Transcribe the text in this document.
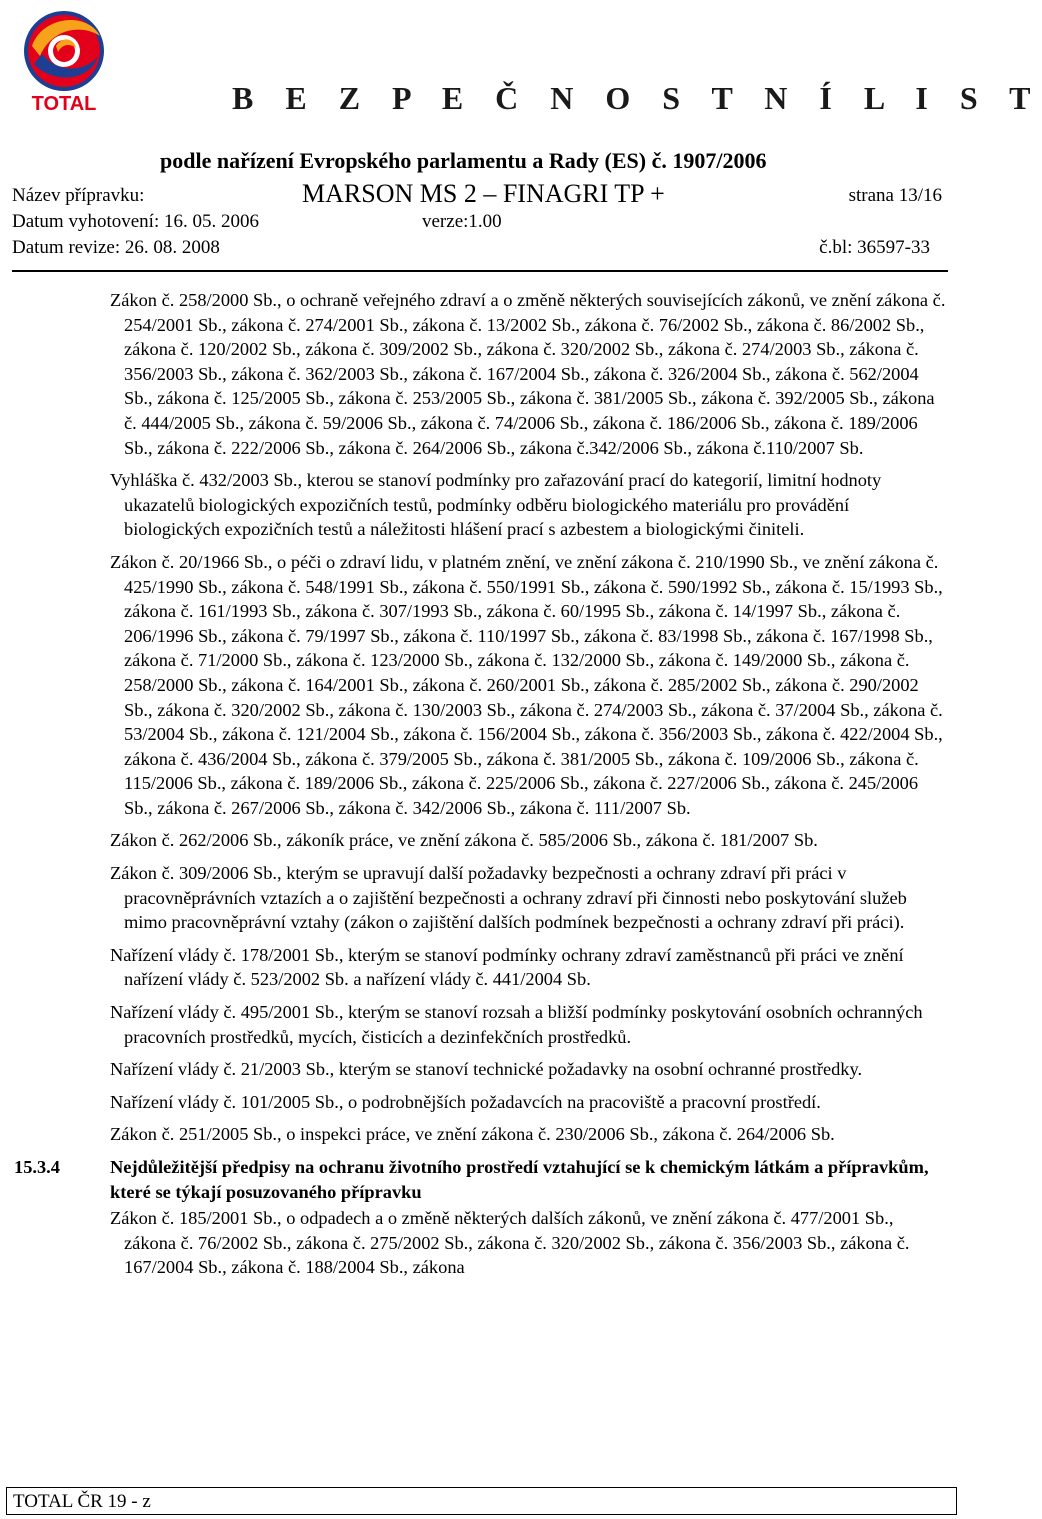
TOTAL	B E Z P E Č N O S T N Í L I S T
podle nařízení Evropského parlamentu a Rady (ES) č. 1907/2006
Název přípravku:	MARSON MS 2 – FINAGRI TP +	strana 13/16
Datum vyhotovení: 16. 05. 2006	verze:1.00
Datum revize: 26. 08. 2008	č.bl: 36597-33

Zákon č. 258/2000 Sb., o ochraně veřejného zdraví a o změně některých souvisejících zákonů, ve znění zákona č. 254/2001 Sb., zákona č. 274/2001 Sb., zákona č. 13/2002 Sb., zákona č. 76/2002 Sb., zákona č. 86/2002 Sb., zákona č. 120/2002 Sb., zákona č. 309/2002 Sb., zákona č. 320/2002 Sb., zákona č. 274/2003 Sb., zákona č. 356/2003 Sb., zákona č. 362/2003 Sb., zákona č. 167/2004 Sb., zákona č. 326/2004 Sb., zákona č. 562/2004 Sb., zákona č. 125/2005 Sb., zákona č. 253/2005 Sb., zákona č. 381/2005 Sb., zákona č. 392/2005 Sb., zákona č. 444/2005 Sb., zákona č. 59/2006 Sb., zákona č. 74/2006 Sb., zákona č. 186/2006 Sb., zákona č. 189/2006 Sb., zákona č. 222/2006 Sb., zákona č. 264/2006 Sb., zákona č.342/2006 Sb., zákona č.110/2007 Sb.

Vyhláška č. 432/2003 Sb., kterou se stanoví podmínky pro zařazování prací do kategorií, limitní hodnoty ukazatelů biologických expozičních testů, podmínky odběru biologického materiálu pro provádění biologických expozičních testů a náležitosti hlášení prací s azbestem a biologickými činiteli.

Zákon č. 20/1966 Sb., o péči o zdraví lidu, v platném znění, ve znění zákona č. 210/1990 Sb., ve znění zákona č. 425/1990 Sb., zákona č. 548/1991 Sb., zákona č. 550/1991 Sb., zákona č. 590/1992 Sb., zákona č. 15/1993 Sb., zákona č. 161/1993 Sb., zákona č. 307/1993 Sb., zákona č. 60/1995 Sb., zákona č. 14/1997 Sb., zákona č. 206/1996 Sb., zákona č. 79/1997 Sb., zákona č. 110/1997 Sb., zákona č. 83/1998 Sb., zákona č. 167/1998 Sb., zákona č. 71/2000 Sb., zákona č. 123/2000 Sb., zákona č. 132/2000 Sb., zákona č. 149/2000 Sb., zákona č. 258/2000 Sb., zákona č. 164/2001 Sb., zákona č. 260/2001 Sb., zákona č. 285/2002 Sb., zákona č. 290/2002 Sb., zákona č. 320/2002 Sb., zákona č. 130/2003 Sb., zákona č. 274/2003 Sb., zákona č. 37/2004 Sb., zákona č. 53/2004 Sb., zákona č. 121/2004 Sb., zákona č. 156/2004 Sb., zákona č. 356/2003 Sb., zákona č. 422/2004 Sb., zákona č. 436/2004 Sb., zákona č. 379/2005 Sb., zákona č. 381/2005 Sb., zákona č. 109/2006 Sb., zákona č. 115/2006 Sb., zákona č. 189/2006 Sb., zákona č. 225/2006 Sb., zákona č. 227/2006 Sb., zákona č. 245/2006 Sb., zákona č. 267/2006 Sb., zákona č. 342/2006 Sb., zákona č. 111/2007 Sb.

Zákon č. 262/2006 Sb., zákoník práce, ve znění zákona č. 585/2006 Sb., zákona č. 181/2007 Sb.

Zákon č. 309/2006 Sb., kterým se upravují další požadavky bezpečnosti a ochrany zdraví při práci v pracovněprávních vztazích a o zajištění bezpečnosti a ochrany zdraví při činnosti nebo poskytování služeb mimo pracovněprávní vztahy (zákon o zajištění dalších podmínek bezpečnosti a ochrany zdraví při práci).

Nařízení vlády č. 178/2001 Sb., kterým se stanoví podmínky ochrany zdraví zaměstnanců při práci ve znění nařízení vlády č. 523/2002 Sb. a nařízení vlády č. 441/2004 Sb.

Nařízení vlády č. 495/2001 Sb., kterým se stanoví rozsah a bližší podmínky poskytování osobních ochranných pracovních prostředků, mycích, čisticích a dezinfekčních prostředků.

Nařízení vlády č. 21/2003 Sb., kterým se stanoví technické požadavky na osobní ochranné prostředky.

Nařízení vlády č. 101/2005 Sb., o podrobnějších požadavcích na pracoviště a pracovní prostředí.

Zákon č. 251/2005 Sb., o inspekci práce, ve znění zákona č. 230/2006 Sb., zákona č. 264/2006 Sb.

15.3.4	Nejdůležitější předpisy na ochranu životního prostředí vztahující se k chemickým látkám a přípravkům, které se týkají posuzovaného přípravku

Zákon č. 185/2001 Sb., o odpadech a o změně některých dalších zákonů, ve znění zákona č. 477/2001 Sb., zákona č. 76/2002 Sb., zákona č. 275/2002 Sb., zákona č. 320/2002 Sb., zákona č. 356/2003 Sb., zákona č. 167/2004 Sb., zákona č. 188/2004 Sb., zákona

TOTAL ČR 19 - z
